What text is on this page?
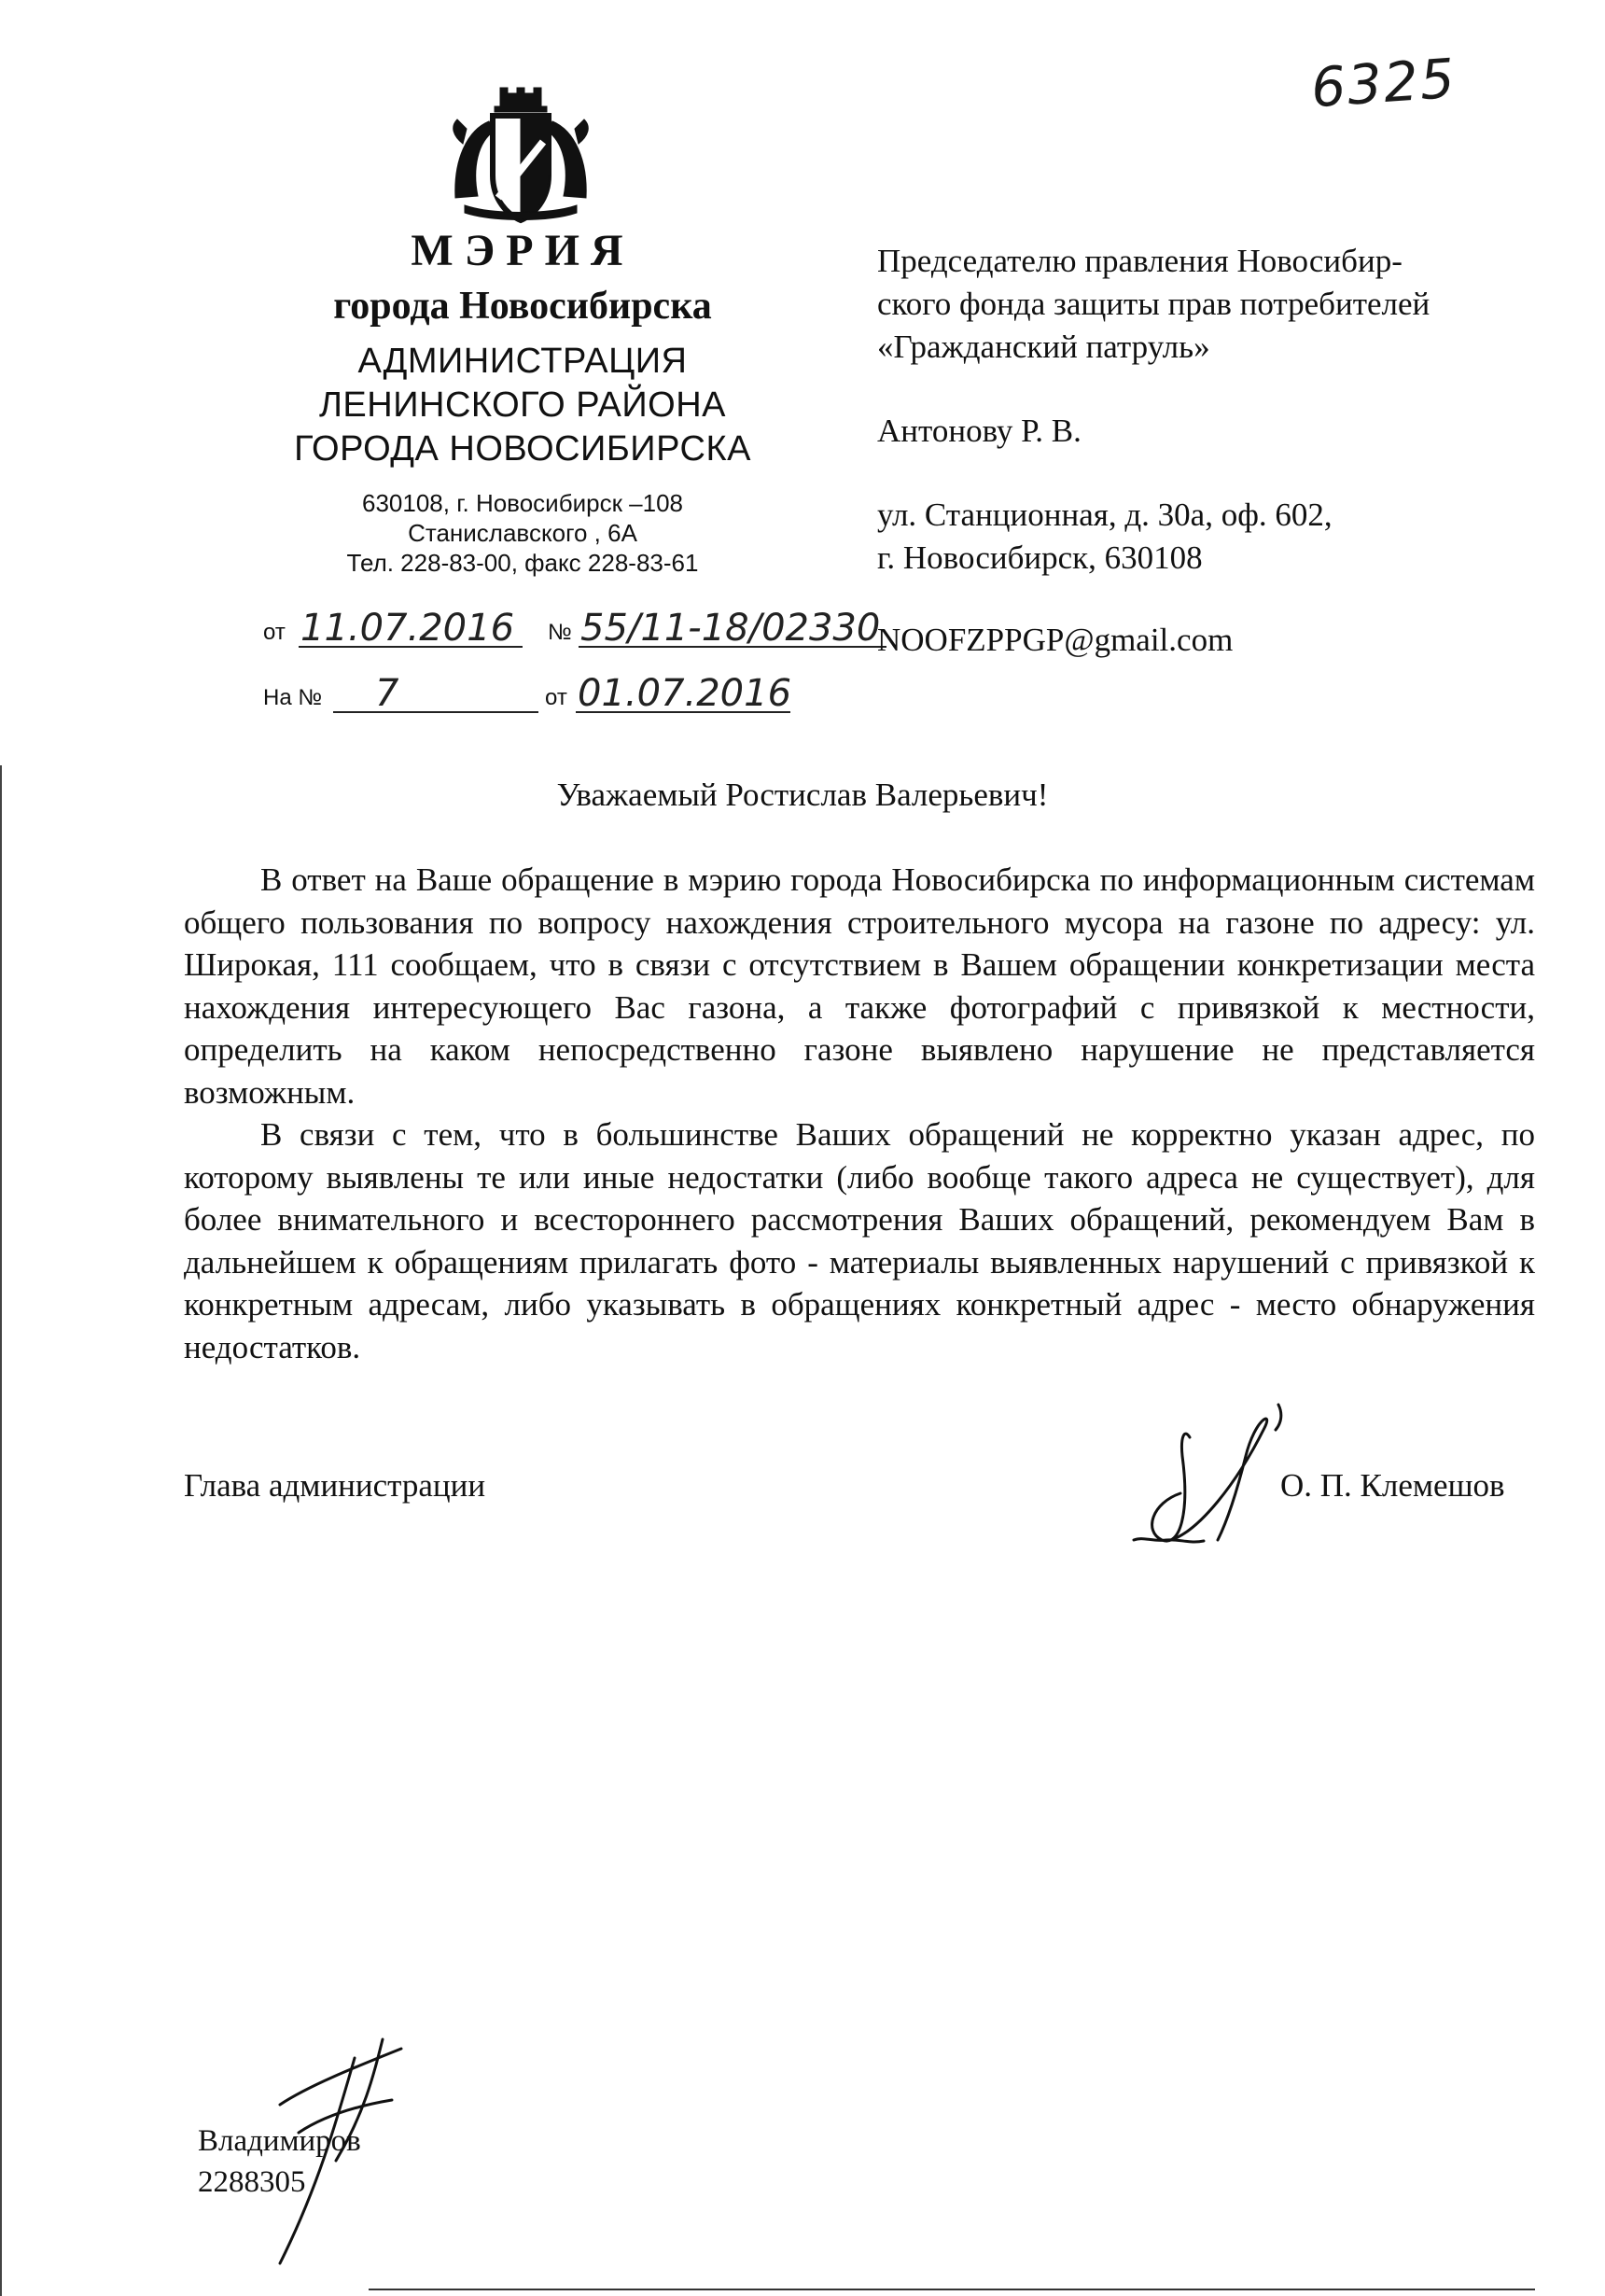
6325
МЭРИЯ
города Новосибирска
АДМИНИСТРАЦИЯ
ЛЕНИНСКОГО РАЙОНА
ГОРОДА НОВОСИБИРСКА
630108, г. Новосибирск –108
Станиславского , 6А
Тел. 228-83-00, факс 228-83-61
от 11.07.2016 № 55/11-18/02330
На № 7	от 01.07.2016

Председателю правления Новосибир-

ского фонда защиты прав потребителей

«Гражданский патруль»

Антонову Р. В.

ул. Станционная, д. 30а, оф. 602,

г. Новосибирск, 630108

NOOFZPPGP@gmail.com

Уважаемый Ростислав Валерьевич!

В ответ на Ваше обращение в мэрию города Новосибирска по информационным системам общего пользования по вопросу нахождения строительного мусора на газоне по адресу: ул. Широкая, 111 сообщаем, что в связи с отсутствием в Вашем обращении конкретизации места нахождения интересующего Вас газона, а также фотографий с привязкой к местности, определить на каком непосредственно газоне выявлено нарушение не представляется возможным.

В связи с тем, что в большинстве Ваших обращений не корректно указан адрес, по которому выявлены те или иные недостатки (либо вообще такого адреса не существует), для более внимательного и всестороннего рассмотрения Ваших обращений, рекомендуем Вам в дальнейшем к обращениям прилагать фото - материалы выявленных нарушений с привязкой к конкретным адресам, либо указывать в обращениях конкретный адрес - место обнаружения недостатков.

Глава администрации	О. П. Клемешов
Владимиров
2288305
